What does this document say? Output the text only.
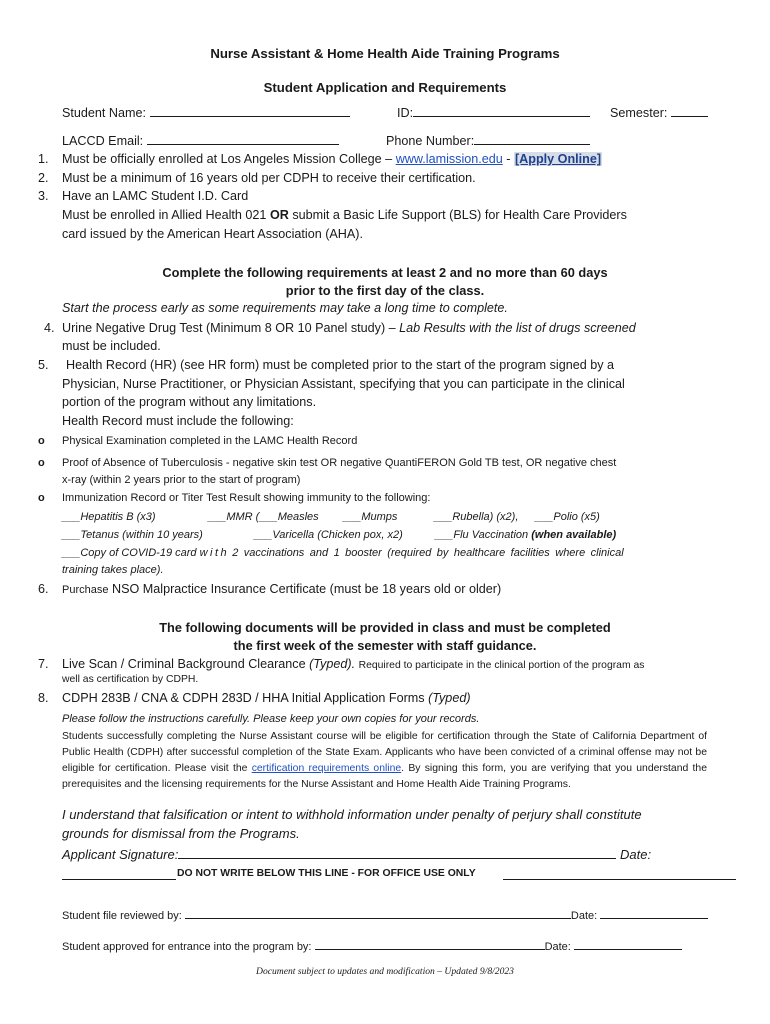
Nurse Assistant & Home Health Aide Training Programs
Student Application and Requirements
Student Name:	ID:	Semester:
LACCD Email:	Phone Number:
1. Must be officially enrolled at Los Angeles Mission College – www.lamission.edu - [Apply Online]
2. Must be a minimum of 16 years old per CDPH to receive their certification.
3. Have an LAMC Student I.D. Card
Must be enrolled in Allied Health 021 OR submit a Basic Life Support (BLS) for Health Care Providers
card issued by the American Heart Association (AHA).
Complete the following requirements at least 2 and no more than 60 days
prior to the first day of the class.
Start the process early as some requirements may take a long time to complete.
4. Urine Negative Drug Test (Minimum 8 OR 10 Panel study) – Lab Results with the list of drugs screened
must be included.
5. Health Record (HR) (see HR form) must be completed prior to the start of the program signed by a
Physician, Nurse Practitioner, or Physician Assistant, specifying that you can participate in the clinical
portion of the program without any limitations.
Health Record must include the following:
o Physical Examination completed in the LAMC Health Record
o Proof of Absence of Tuberculosis - negative skin test OR negative QuantiFERON Gold TB test, OR negative chest
x-ray (within 2 years prior to the start of program)
o Immunization Record or Titer Test Result showing immunity to the following:
___Hepatitis B (x3)	___MMR (___Measles ___Mumps	___Rubella) (x2), ___Polio (x5)
___Tetanus (within 10 years)	___Varicella (Chicken pox, x2)	___Flu Vaccination (when available)
___Copy of COVID-19 card with 2 vaccinations and 1 booster (required by healthcare facilities where clinical
training takes place).
6. Purchase NSO Malpractice Insurance Certificate (must be 18 years old or older)
The following documents will be provided in class and must be completed
the first week of the semester with staff guidance.
7. Live Scan / Criminal Background Clearance (Typed). Required to participate in the clinical portion of the program as
well as certification by CDPH.
8. CDPH 283B / CNA & CDPH 283D / HHA Initial Application Forms (Typed)
Please follow the instructions carefully. Please keep your own copies for your records.
Students successfully completing the Nurse Assistant course will be eligible for certification through the State of California Department of Public Health (CDPH) after successful completion of the State Exam. Applicants who have been convicted of a criminal offense may not be eligible for certification. Please visit the certification requirements online. By signing this form, you are verifying that you understand the prerequisites and the licensing requirements for the Nurse Assistant and Home Health Aide Training Programs.
I understand that falsification or intent to withhold information under penalty of perjury shall constitute
grounds for dismissal from the Programs.
Applicant Signature:	Date:
DO NOT WRITE BELOW THIS LINE - FOR OFFICE USE ONLY
Student file reviewed by:	Date:
Student approved for entrance into the program by:	Date:
Document subject to updates and modification – Updated 9/8/2023
